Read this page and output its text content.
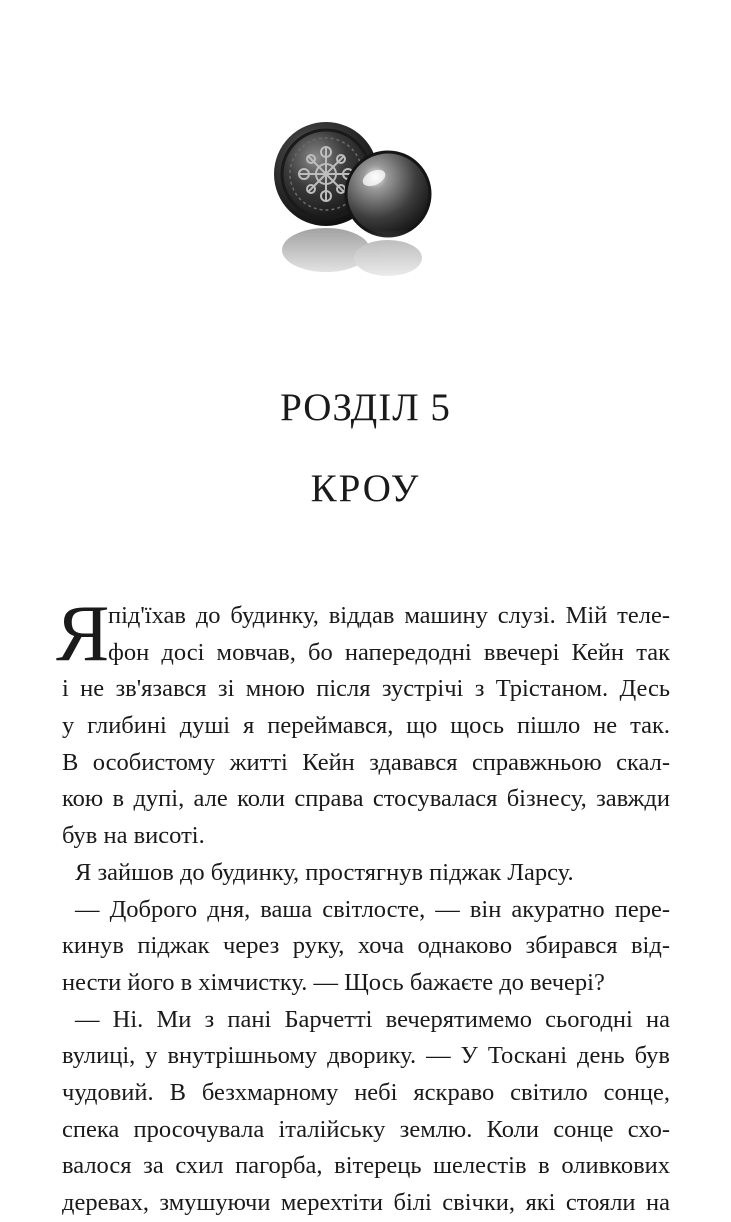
РОЗДІЛ 5
КРОУ
Я
під'їхав до будинку, віддав машину слузі. Мій теле-
фон досі мовчав, бо напередодні ввечері Кейн так
і не зв'язався зі мною після зустрічі з Трістаном. Десь
у глибині душі я переймався, що щось пішло не так.
В особистому житті Кейн здавався справжньою скал-
кою в дупі, але коли справа стосувалася бізнесу, завжди
був на висоті.
Я зайшов до будинку, простягнув піджак Ларсу.
— Доброго дня, ваша світлосте, — він акуратно пере-
кинув піджак через руку, хоча однаково збирався від-
нести його в хімчистку. — Щось бажаєте до вечері?
— Ні. Ми з пані Барчетті вечерятимемо сьогодні на
вулиці, у внутрішньому дворику. — У Тоскані день був
чудовий. В безхмарному небі яскраво світило сонце,
спека просочувала італійську землю. Коли сонце схо-
валося за схил пагорба, вітерець шелестів в оливкових
деревах, змушуючи мерехтіти білі свічки, які стояли на
